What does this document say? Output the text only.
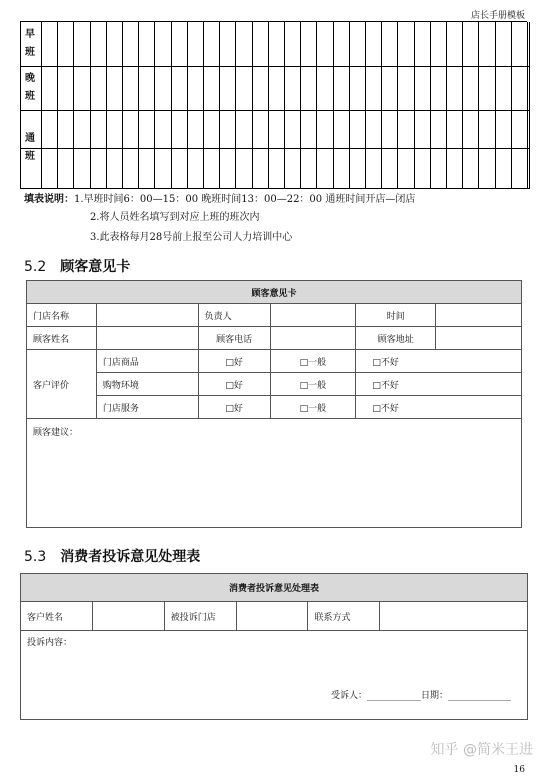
店长手册模板
早班
晚班
通班
填表说明：1.早班时间6：00—15：00 晚班时间13：00—22：00 通班时间开店—闭店
2.将人员姓名填写到对应上班的班次内
3.此表格每月28号前上报至公司人力培训中心
5.2 顾客意见卡
顾客意见卡					
门店名称		负责人		时间	
顾客姓名		顾客电话		顾客地址	
客户评价	门店商品	□好	□一般	□不好	
	购物环境	□好	□一般	□不好	
	门店服务	□好	□一般	□不好	
顾客建议：					
5.3 消费者投诉意见处理表
消费者投诉意见处理表
客户姓名		被投诉门店		联系方式	
投诉内容：
受诉人：____________日期：______________
知乎 @简米王进
16
